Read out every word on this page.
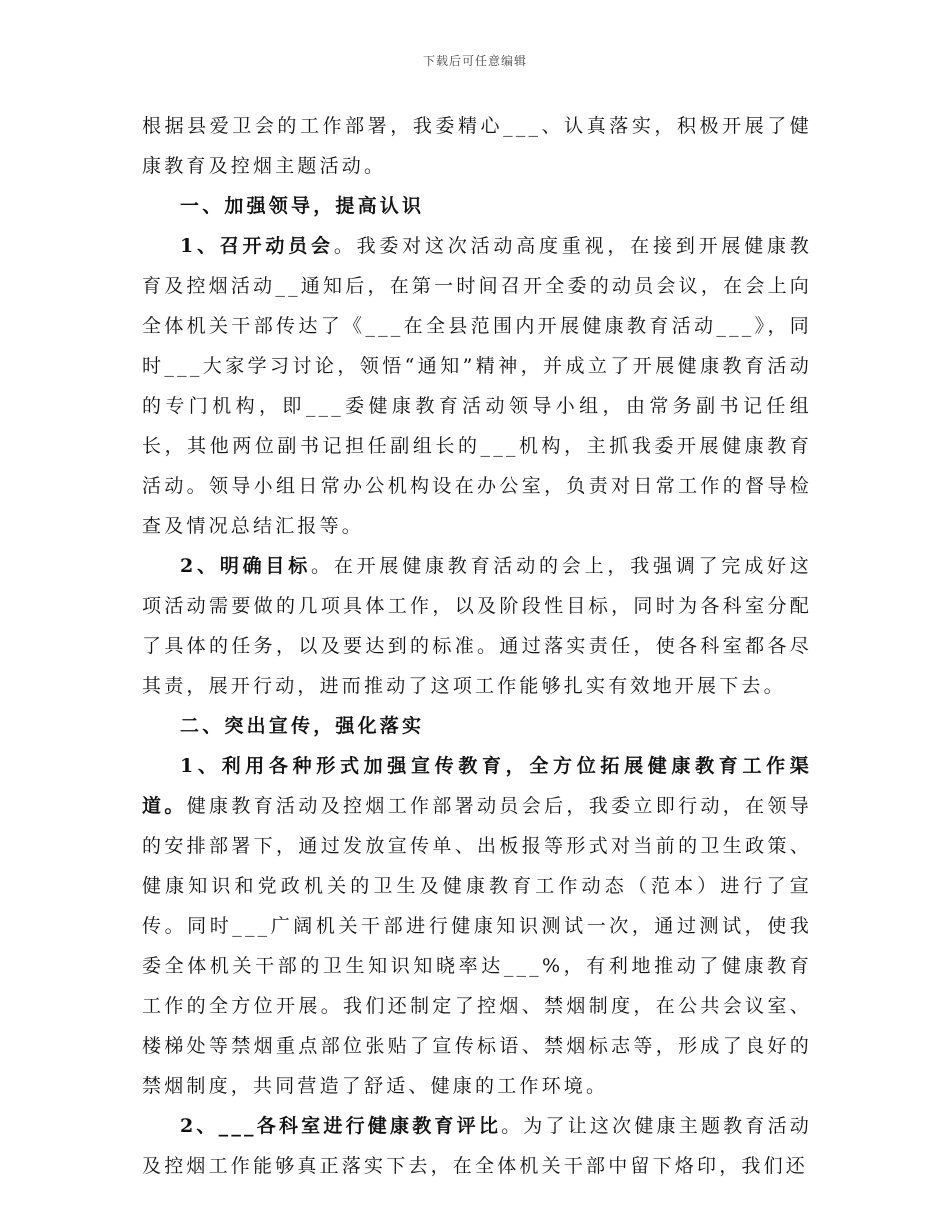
下载后可任意编辑

根据县爱卫会的工作部署，我委精心___、认真落实，积极开展了健康教育及控烟主题活动。

一、加强领导，提高认识

1、召开动员会。我委对这次活动高度重视，在接到开展健康教育及控烟活动__通知后，在第一时间召开全委的动员会议，在会上向全体机关干部传达了《___在全县范围内开展健康教育活动___》，同时___大家学习讨论，领悟“通知”精神，并成立了开展健康教育活动的专门机构，即___委健康教育活动领导小组，由常务副书记任组长，其他两位副书记担任副组长的___机构，主抓我委开展健康教育活动。领导小组日常办公机构设在办公室，负责对日常工作的督导检查及情况总结汇报等。

2、明确目标。在开展健康教育活动的会上，我强调了完成好这项活动需要做的几项具体工作，以及阶段性目标，同时为各科室分配了具体的任务，以及要达到的标准。通过落实责任，使各科室都各尽其责，展开行动，进而推动了这项工作能够扎实有效地开展下去。

二、突出宣传，强化落实

1、利用各种形式加强宣传教育，全方位拓展健康教育工作渠道。健康教育活动及控烟工作部署动员会后，我委立即行动，在领导的安排部署下，通过发放宣传单、出板报等形式对当前的卫生政策、健康知识和党政机关的卫生及健康教育工作动态（范本）进行了宣传。同时___广阔机关干部进行健康知识测试一次，通过测试，使我委全体机关干部的卫生知识知晓率达___%，有利地推动了健康教育工作的全方位开展。我们还制定了控烟、禁烟制度，在公共会议室、楼梯处等禁烟重点部位张贴了宣传标语、禁烟标志等，形成了良好的禁烟制度，共同营造了舒适、健康的工作环境。

2、___各科室进行健康教育评比。为了让这次健康主题教育活动及控烟工作能够真正落实下去，在全体机关干部中留下烙印，我们还
